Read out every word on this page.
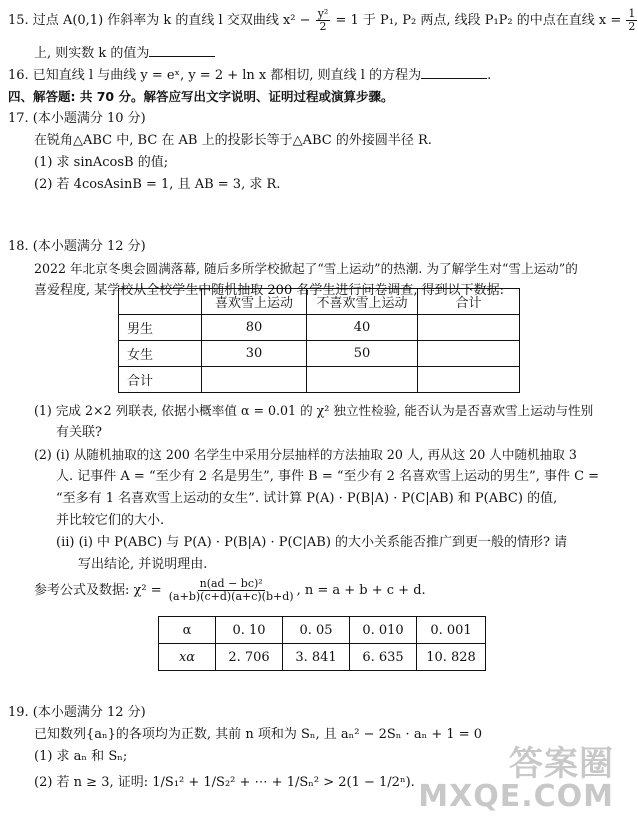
15. 过点 A(0,1) 作斜率为 k 的直线 l 交双曲线 $x^2 - \frac{\text{y²}}{2} = 1$ 于 P₁, P₂ 两点, 线段 P₁P₂ 的中点在直线 $x = \frac{1}{2}$
上, 则实数 k 的值为
16. 已知直线 l 与曲线 y = eˣ, y = 2 + ln x 都相切, 则直线 l 的方程为	.
四、解答题: 共 70 分。解答应写出文字说明、证明过程或演算步骤。
17. (本小题满分 10 分)
在锐角△ABC 中, BC 在 AB 上的投影长等于△ABC 的外接圆半径 R.
(1) 求 sinAcosB 的值;
(2) 若 4cosAsinB = 1, 且 AB = 3, 求 R.
18. (本小题满分 12 分)
2022 年北京冬奥会圆满落幕, 随后多所学校掀起了“雪上运动”的热潮. 为了解学生对“雪上运动”的
喜爱程度, 某学校从全校学生中随机抽取 200 名学生进行问卷调查, 得到以下数据:
	喜欢雪上运动	不喜欢雪上运动	合计
男生	80	40	
女生	30	50	
合计			
(1) 完成 2×2 列联表, 依据小概率值 α = 0.01 的 χ² 独立性检验, 能否认为是否喜欢雪上运动与性别
有关联?
(2) (ⅰ) 从随机抽取的这 200 名学生中采用分层抽样的方法抽取 20 人, 再从这 20 人中随机抽取 3
人. 记事件 A = “至少有 2 名是男生”, 事件 B = “至少有 2 名喜欢雪上运动的男生”, 事件 C =
“至多有 1 名喜欢雪上运动的女生”. 试计算 P(A) · P(B|A) · P(C|AB) 和 P(ABC) 的值,
并比较它们的大小.
(ⅱ) (ⅰ) 中 P(ABC) 与 P(A) · P(B|A) · P(C|AB) 的大小关系能否推广到更一般的情形? 请
写出结论, 并说明理由.
参考公式及数据: $\chi^2 = \frac{\text{n(ad − bc)²}}{(a+b)(c+d)(a+c)(b+d)}$ , n = a + b + c + d.
α	0. 10	0. 05	0. 010	0. 001
xα	2. 706	3. 841	6. 635	10. 828
19. (本小题满分 12 分)
已知数列{aₙ}的各项均为正数, 其前 n 项和为 Sₙ, 且 aₙ² − 2Sₙ · aₙ + 1 = 0
(1) 求 aₙ 和 Sₙ;
(2) 若 n ≥ 3, 证明: 1/S₁² + 1/S₂² + ⋯ + 1/Sₙ² > 2(1 − 1/2ⁿ).	答案圈
MXQE.COM
